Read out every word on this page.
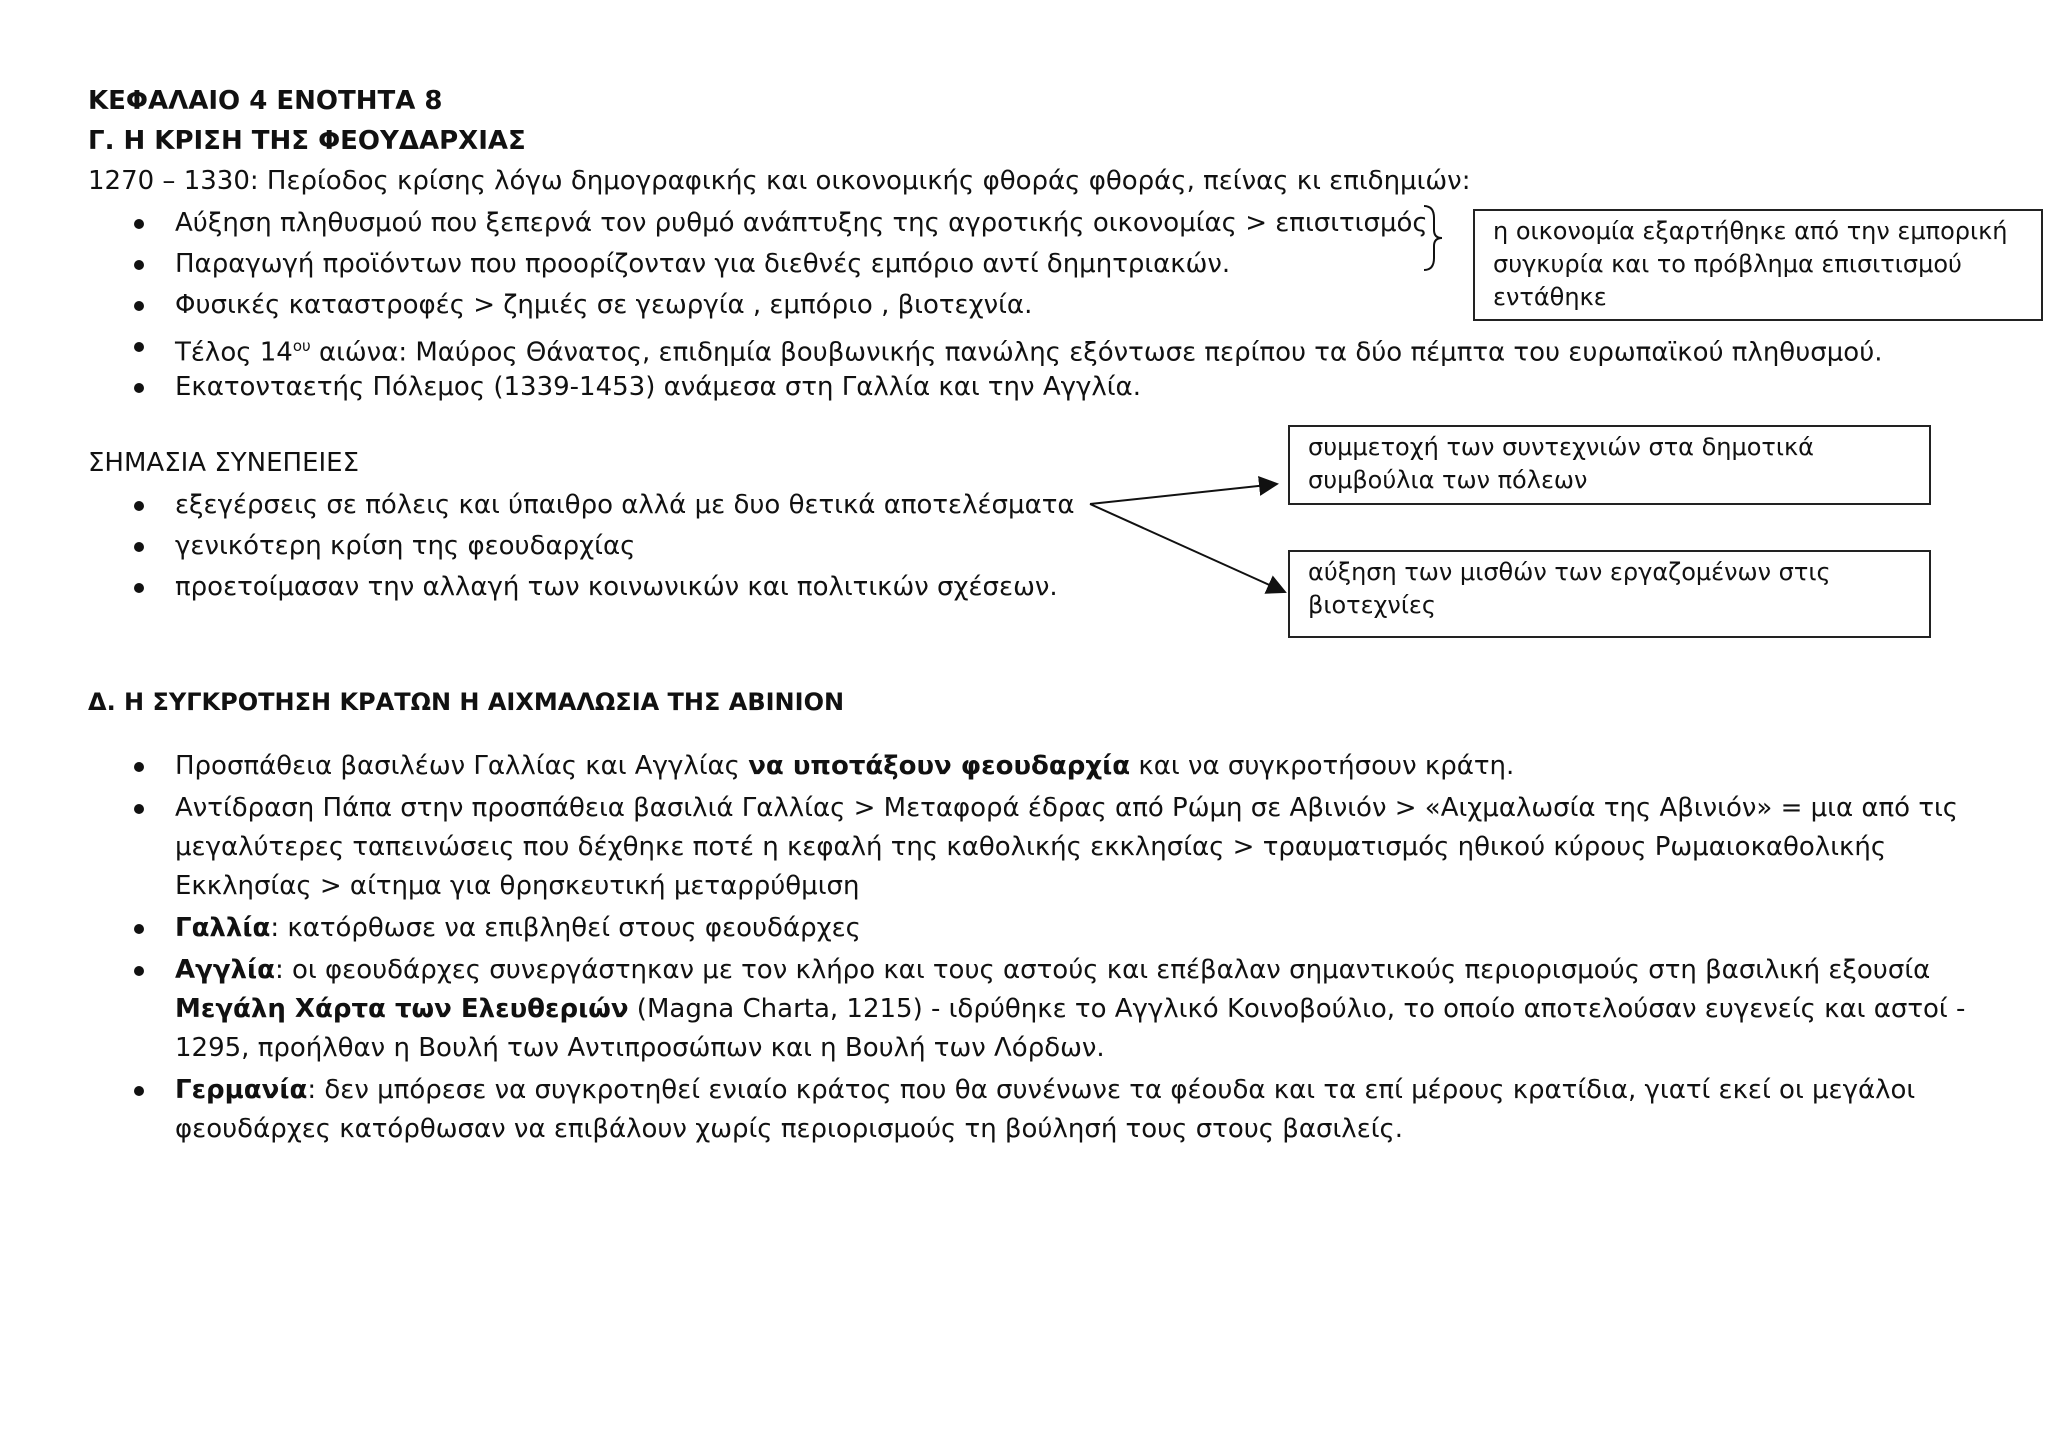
ΚΕΦΑΛΑΙΟ 4 ΕΝΟΤΗΤΑ 8
Γ. Η ΚΡΙΣΗ ΤΗΣ ΦΕΟΥΔΑΡΧΙΑΣ
1270 – 1330: Περίοδος κρίσης λόγω δημογραφικής και οικονομικής φθοράς φθοράς, πείνας κι επιδημιών:
Αύξηση πληθυσμού που ξεπερνά τον ρυθμό ανάπτυξης της αγροτικής οικονομίας > επισιτισμός
Παραγωγή προϊόντων που προορίζονταν για διεθνές εμπόριο αντί δημητριακών.
Φυσικές καταστροφές > ζημιές σε γεωργία , εμπόριο , βιοτεχνία.
Τέλος $14^{o\upsilon}$ αιώνα: Μαύρος Θάνατος, επιδημία βουβωνικής πανώλης εξόντωσε περίπου τα δύο πέμπτα του ευρωπαϊκού πληθυσμού.
Εκατονταετής Πόλεμος (1339-1453) ανάμεσα στη Γαλλία και την Αγγλία.
η οικονομία εξαρτήθηκε από την εμπορική συγκυρία και το πρόβλημα επισιτισμού εντάθηκε
ΣΗΜΑΣΙΑ ΣΥΝΕΠΕΙΕΣ
εξεγέρσεις σε πόλεις και ύπαιθρο αλλά με δυο θετικά αποτελέσματα
γενικότερη κρίση της φεουδαρχίας
προετοίμασαν την αλλαγή των κοινωνικών και πολιτικών σχέσεων.
συμμετοχή των συντεχνιών στα δημοτικά συμβούλια των πόλεων
αύξηση των μισθών των εργαζομένων στις βιοτεχνίες
Δ. Η ΣΥΓΚΡΟΤΗΣΗ ΚΡΑΤΩΝ Η ΑΙΧΜΑΛΩΣΙΑ ΤΗΣ ΑΒΙΝΙΟΝ
Προσπάθεια βασιλέων Γαλλίας και Αγγλίας να υποτάξουν φεουδαρχία και να συγκροτήσουν κράτη.
Αντίδραση Πάπα στην προσπάθεια βασιλιά Γαλλίας > Μεταφορά έδρας από Ρώμη σε Αβινιόν > «Αιχμαλωσία της Αβινιόν» = μια από τις μεγαλύτερες ταπεινώσεις που δέχθηκε ποτέ η κεφαλή της καθολικής εκκλησίας > τραυματισμός ηθικού κύρους Ρωμαιοκαθολικής Εκκλησίας > αίτημα για θρησκευτική μεταρρύθμιση
Γαλλία: κατόρθωσε να επιβληθεί στους φεουδάρχες
Αγγλία: οι φεουδάρχες συνεργάστηκαν με τον κλήρο και τους αστούς και επέβαλαν σημαντικούς περιορισμούς στη βασιλική εξουσία Μεγάλη Χάρτα των Ελευθεριών (Magna Charta, 1215) - ιδρύθηκε το Αγγλικό Κοινοβούλιο, το οποίο αποτελούσαν ευγενείς και αστοί - 1295, προήλθαν η Βουλή των Αντιπροσώπων και η Βουλή των Λόρδων.
Γερμανία: δεν μπόρεσε να συγκροτηθεί ενιαίο κράτος που θα συνένωνε τα φέουδα και τα επί μέρους κρατίδια, γιατί εκεί οι μεγάλοι φεουδάρχες κατόρθωσαν να επιβάλουν χωρίς περιορισμούς τη βούλησή τους στους βασιλείς.
